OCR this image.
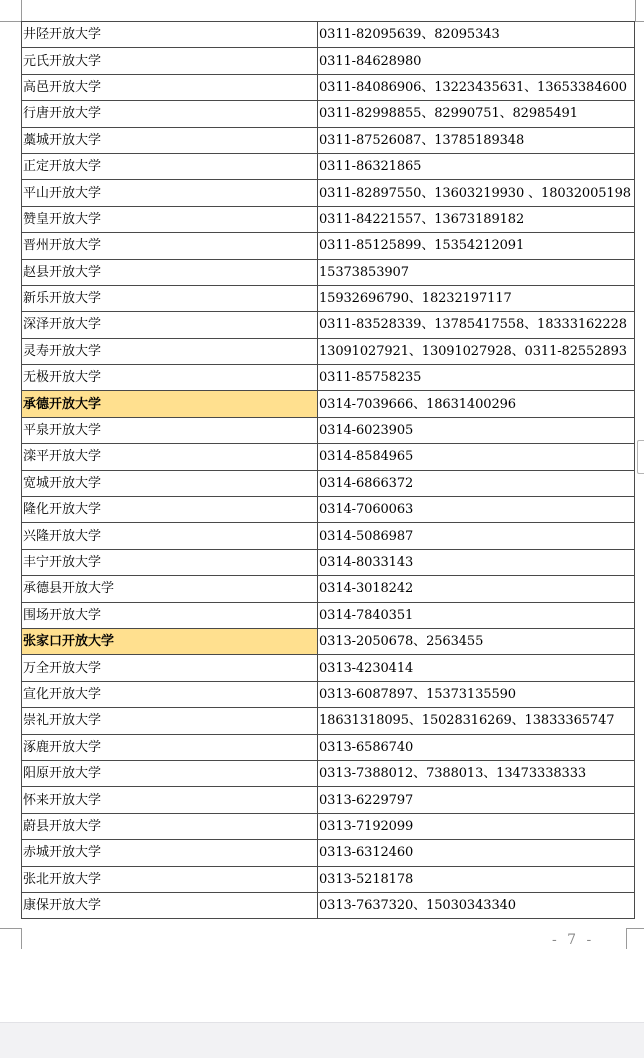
井陉开放大学	0311-82095639、82095343
元氏开放大学	0311-84628980
高邑开放大学	0311-84086906、13223435631、13653384600
行唐开放大学	0311-82998855、82990751、82985491
藁城开放大学	0311-87526087、13785189348
正定开放大学	0311-86321865
平山开放大学	0311-82897550、13603219930 、18032005198
赞皇开放大学	0311-84221557、13673189182
晋州开放大学	0311-85125899、15354212091
赵县开放大学	15373853907
新乐开放大学	15932696790、18232197117
深泽开放大学	0311-83528339、13785417558、18333162228
灵寿开放大学	13091027921、13091027928、0311-82552893
无极开放大学	0311-85758235
承德开放大学	0314-7039666、18631400296
平泉开放大学	0314-6023905
滦平开放大学	0314-8584965
宽城开放大学	0314-6866372
隆化开放大学	0314-7060063
兴隆开放大学	0314-5086987
丰宁开放大学	0314-8033143
承德县开放大学	0314-3018242
围场开放大学	0314-7840351
张家口开放大学	0313-2050678、2563455
万全开放大学	0313-4230414
宣化开放大学	0313-6087897、15373135590
崇礼开放大学	18631318095、15028316269、13833365747
涿鹿开放大学	0313-6586740
阳原开放大学	0313-7388012、7388013、13473338333
怀来开放大学	0313-6229797
蔚县开放大学	0313-7192099
赤城开放大学	0313-6312460
张北开放大学	0313-5218178
康保开放大学	0313-7637320、15030343340
- 7 -
